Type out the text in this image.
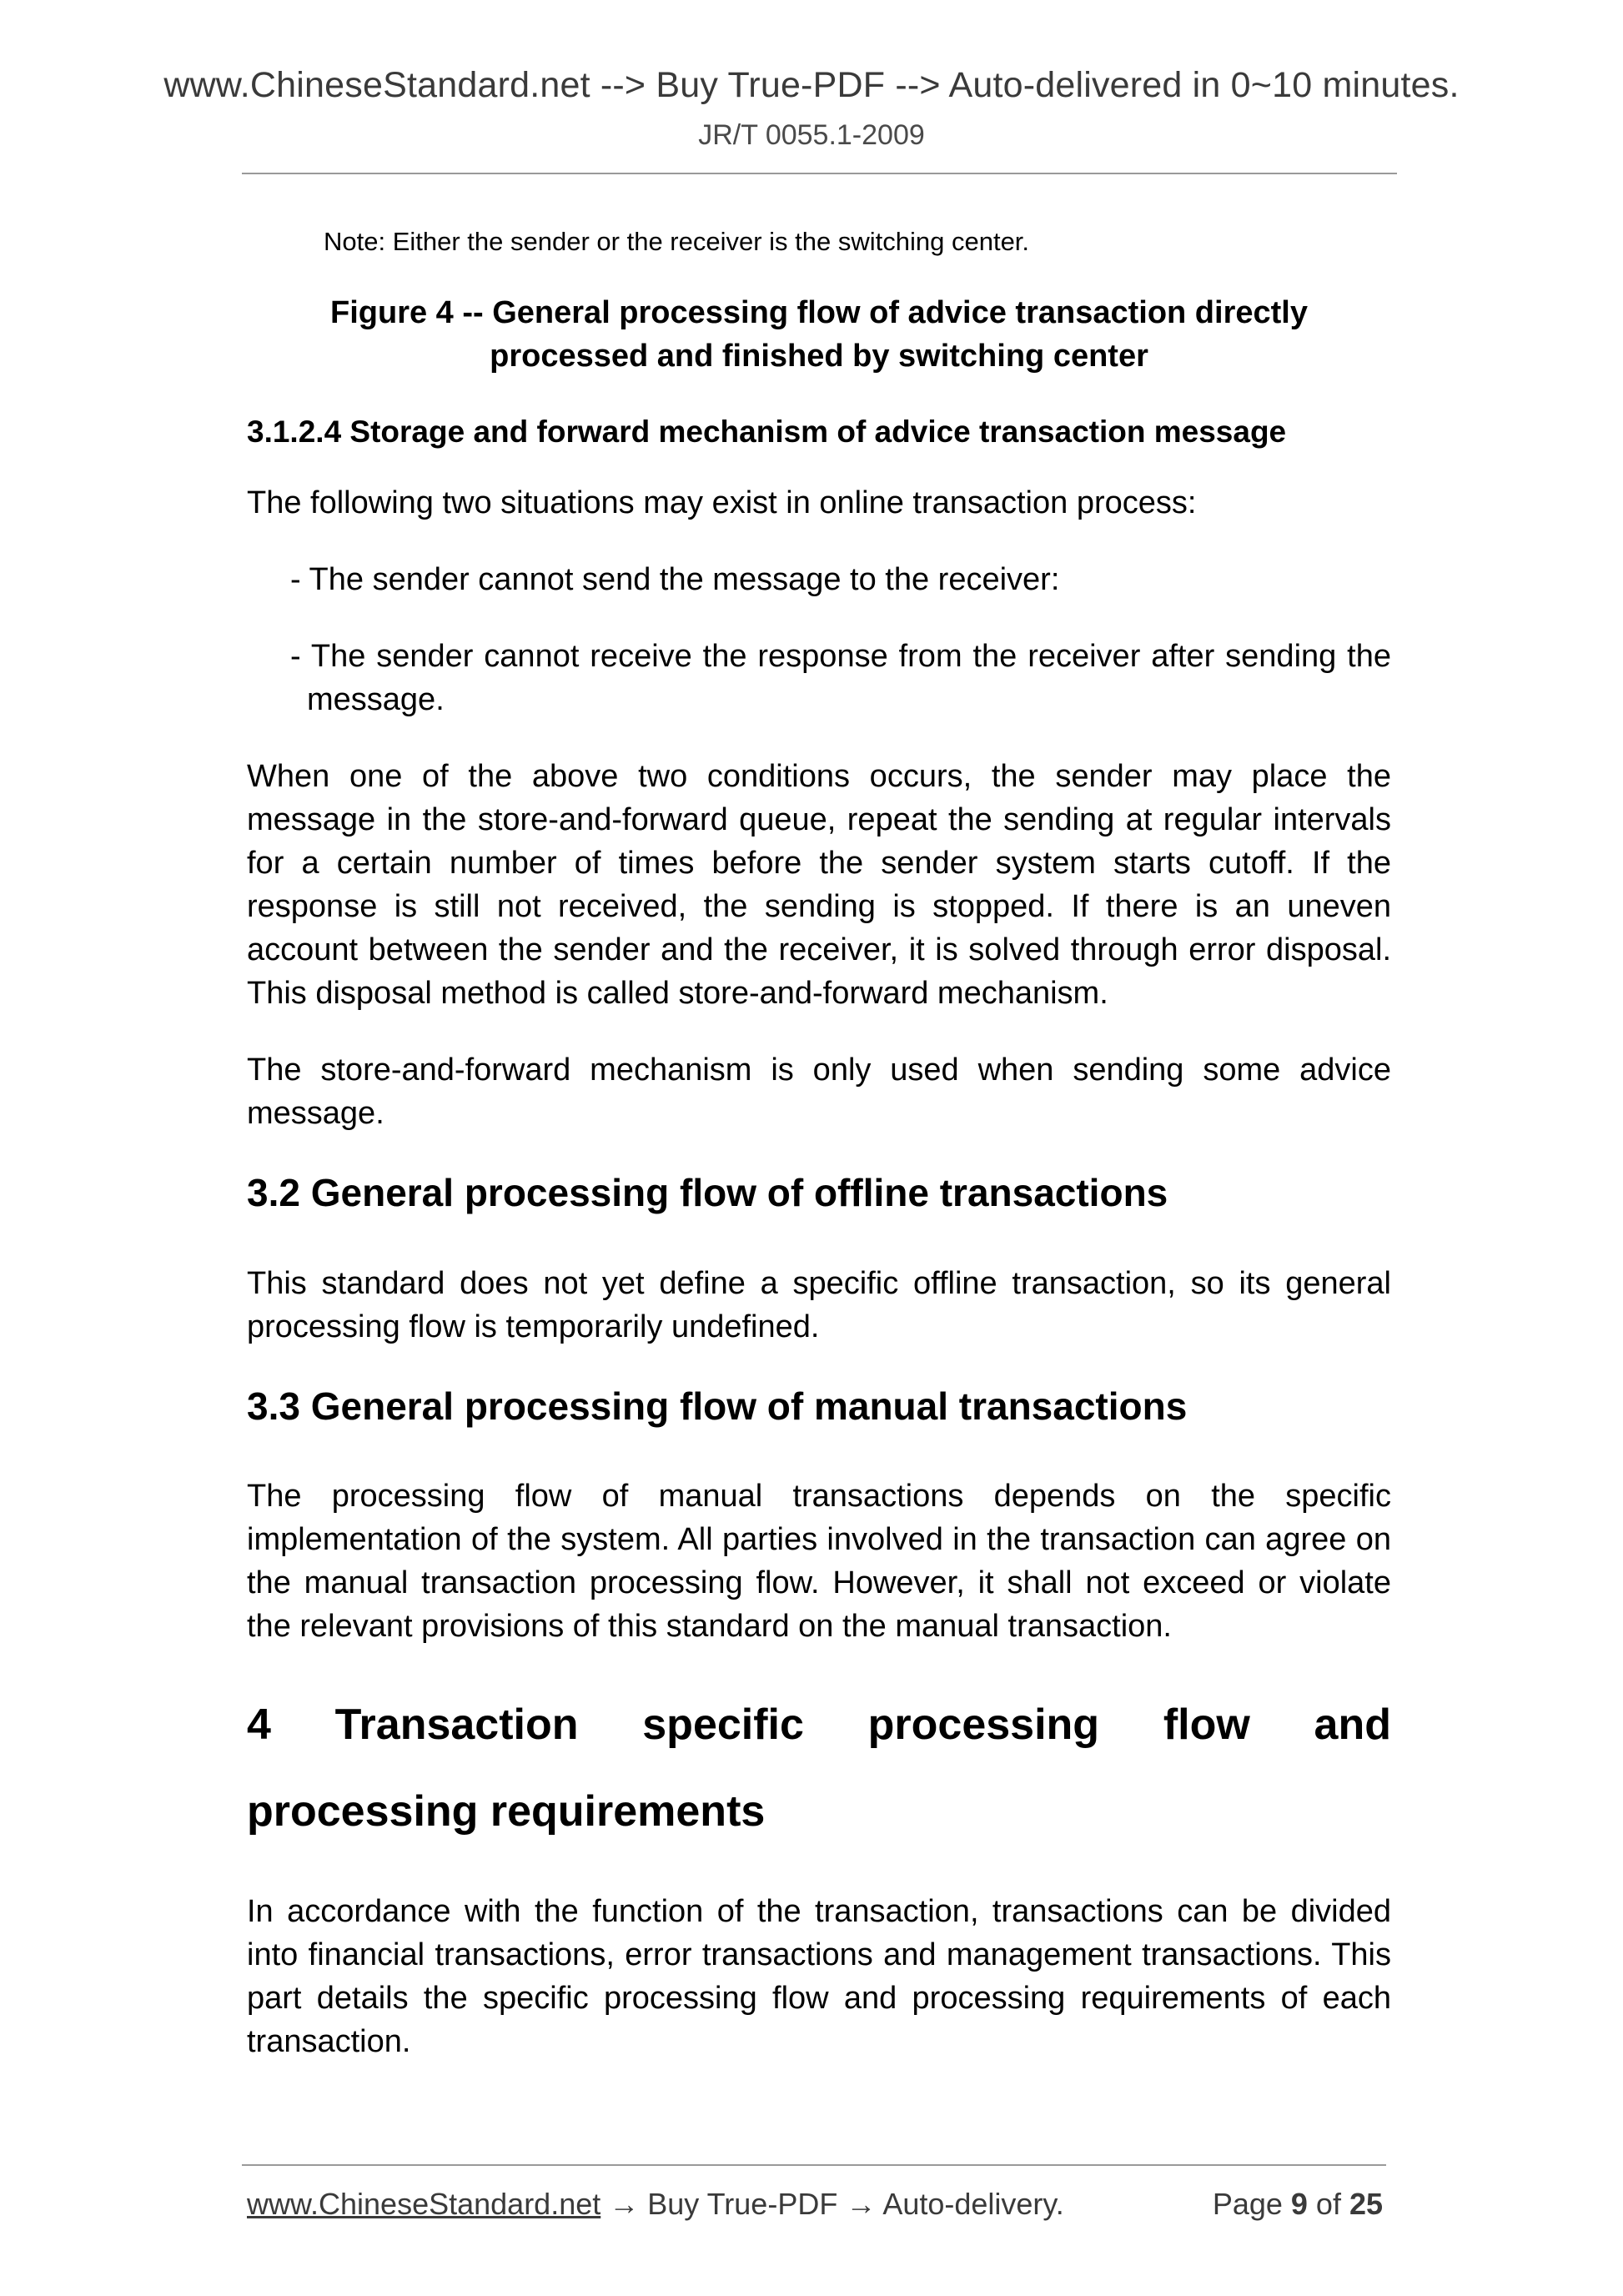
www.ChineseStandard.net --> Buy True-PDF --> Auto-delivered in 0~10 minutes.
JR/T 0055.1-2009
Note: Either the sender or the receiver is the switching center.
Figure 4 -- General processing flow of advice transaction directly
processed and finished by switching center
3.1.2.4 Storage and forward mechanism of advice transaction message

The following two situations may exist in online transaction process:

- The sender cannot send the message to the receiver:
- The sender cannot receive the response from the receiver after sending the message.

When one of the above two conditions occurs, the sender may place the message in the store-and-forward queue, repeat the sending at regular intervals for a certain number of times before the sender system starts cutoff. If the response is still not received, the sending is stopped. If there is an uneven account between the sender and the receiver, it is solved through error disposal. This disposal method is called store-and-forward mechanism.

The store-and-forward mechanism is only used when sending some advice message.

3.2 General processing flow of offline transactions

This standard does not yet define a specific offline transaction, so its general processing flow is temporarily undefined.

3.3 General processing flow of manual transactions

The processing flow of manual transactions depends on the specific implementation of the system. All parties involved in the transaction can agree on the manual transaction processing flow. However, it shall not exceed or violate the relevant provisions of this standard on the manual transaction.

4 Transaction specific processing flow and
processing requirements

In accordance with the function of the transaction, transactions can be divided into financial transactions, error transactions and management transactions. This part details the specific processing flow and processing requirements of each transaction.

www.ChineseStandard.net → Buy True-PDF → Auto-delivery.	Page 9 of 25
